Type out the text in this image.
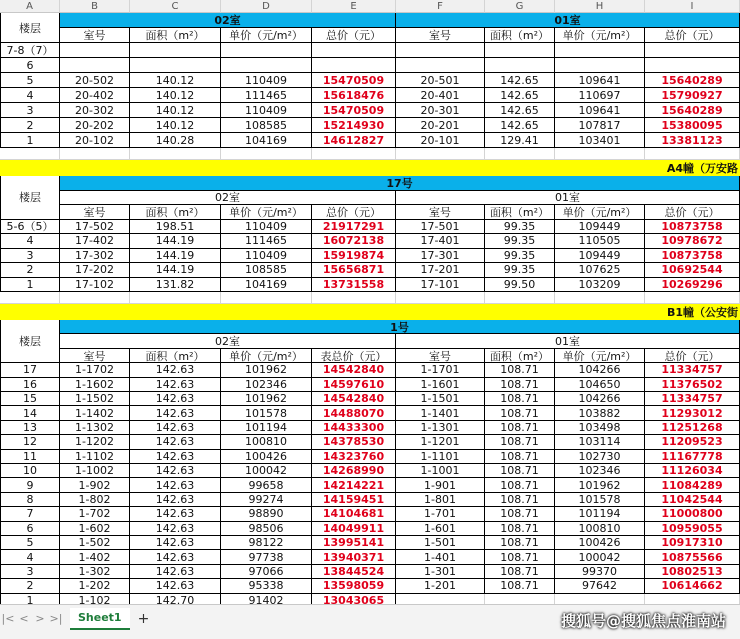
A	B	C	D	E	F	G	H	I
楼层
02室	01室
室号	面积（m²）	单价（元/m²）	总价（元）	室号	面积（m²）	单价（元/m²）	总价（元）
7-8（7）
6
5	20-502	140.12	110409	15470509	20-501	142.65	109641	15640289
4	20-402	140.12	111465	15618476	20-401	142.65	110697	15790927
3	20-302	140.12	110409	15470509	20-301	142.65	109641	15640289
2	20-202	140.12	108585	15214930	20-201	142.65	107817	15380095
1	20-102	140.28	104169	14612827	20-101	129.41	103401	13381123
A4幢（万安路
楼层
17号
02室	01室
室号	面积（m²）	单价（元/m²）	总价（元）	室号	面积（m²）	单价（元/m²）	总价（元）
5-6（5）	17-502	198.51	110409	21917291	17-501	99.35	109449	10873758
4	17-402	144.19	111465	16072138	17-401	99.35	110505	10978672
3	17-302	144.19	110409	15919874	17-301	99.35	109449	10873758
2	17-202	144.19	108585	15656871	17-201	99.35	107625	10692544
1	17-102	131.82	104169	13731558	17-101	99.50	103209	10269296
B1幢（公安街
楼层
1号
02室	01室
室号	面积（m²）	单价（元/m²）	表总价（元）	室号	面积（m²）	单价（元/m²）	总价（元）
17	1-1702	142.63	101962	14542840	1-1701	108.71	104266	11334757
16	1-1602	142.63	102346	14597610	1-1601	108.71	104650	11376502
15	1-1502	142.63	101962	14542840	1-1501	108.71	104266	11334757
14	1-1402	142.63	101578	14488070	1-1401	108.71	103882	11293012
13	1-1302	142.63	101194	14433300	1-1301	108.71	103498	11251268
12	1-1202	142.63	100810	14378530	1-1201	108.71	103114	11209523
11	1-1102	142.63	100426	14323760	1-1101	108.71	102730	11167778
10	1-1002	142.63	100042	14268990	1-1001	108.71	102346	11126034
9	1-902	142.63	99658	14214221	1-901	108.71	101962	11084289
8	1-802	142.63	99274	14159451	1-801	108.71	101578	11042544
7	1-702	142.63	98890	14104681	1-701	108.71	101194	11000800
6	1-602	142.63	98506	14049911	1-601	108.71	100810	10959055
5	1-502	142.63	98122	13995141	1-501	108.71	100426	10917310
4	1-402	142.63	97738	13940371	1-401	108.71	100042	10875566
3	1-302	142.63	97066	13844524	1-301	108.71	99370	10802513
2	1-202	142.63	95338	13598059	1-201	108.71	97642	10614662
1	1-102	142.70	91402	13043065
|< < > >|	Sheet1	+	搜狐号@搜狐焦点淮南站
